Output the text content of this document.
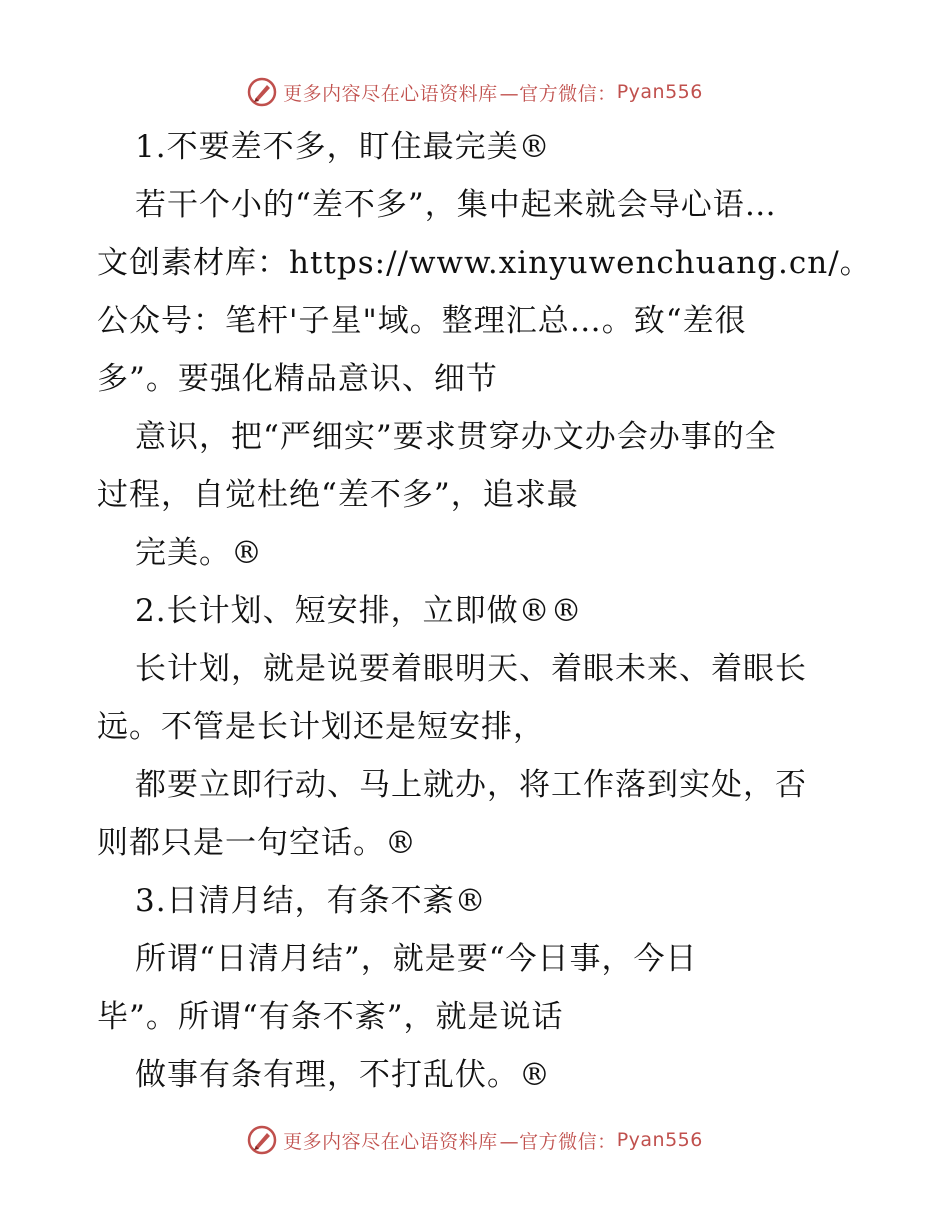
更多内容尽在心语资料库 —官方微信： Pyan556
1.不要差不多，盯住最完美®
若干个小的“差不多”，集中起来就会导心语…
文创素材库：https://www.xinyuwenchuang.cn/。
公众号：笔杆'子星"域。整理汇总…。致“差很
多”。要强化精品意识、细节
意识，把“严细实”要求贯穿办文办会办事的全
过程，自觉杜绝“差不多”，追求最
完美。®
2.长计划、短安排，立即做®®
长计划，就是说要着眼明天、着眼未来、着眼长
远。不管是长计划还是短安排，
都要立即行动、马上就办，将工作落到实处，否
则都只是一句空话。®
3.日清月结，有条不紊®
所谓“日清月结”，就是要“今日事，今日
毕”。所谓“有条不紊”，就是说话
做事有条有理，不打乱伏。®
更多内容尽在心语资料库 —官方微信： Pyan556
